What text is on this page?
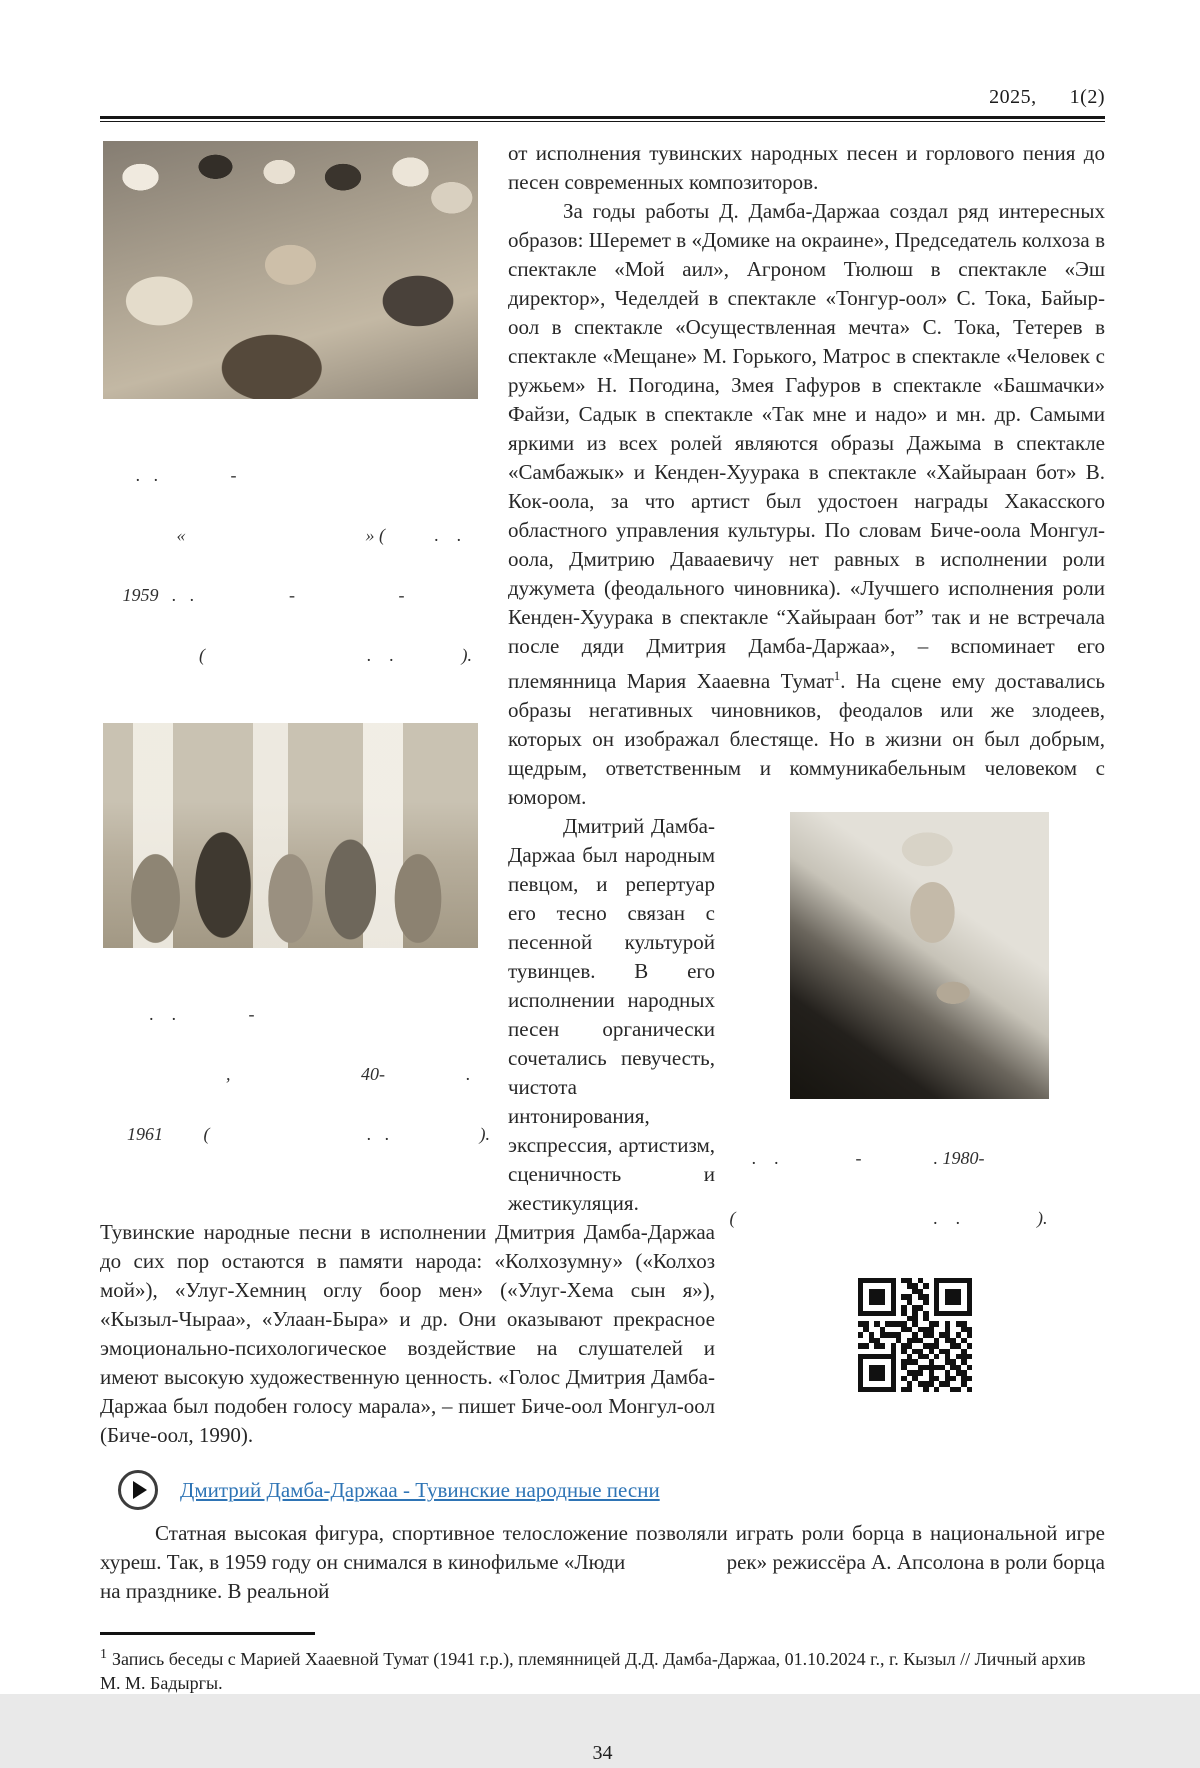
2025,      1(2)

.   .                -

«                                        » (           .    .

1959   .   .                     -                       -

(                                    .    .               ).

.    .                -

,                             40-                  .

1961         (                                   .   .                    ).

от исполнения тувинских народных песен и горлового пения до песен современных композиторов.

За годы работы Д. Дамба-Даржаа создал ряд интересных образов: Шеремет в «Домике на окраине», Председатель колхоза в спектакле «Мой аил», Агроном Тюлюш в спектакле «Эш директор», Чеделдей в спектакле «Тонгур-оол» С. Тока, Байыр-оол в спектакле «Осуществленная мечта» С. Тока, Тетерев в спектакле «Мещане» М. Горького, Матрос в спектакле «Человек с ружьем» Н. Погодина, Змея Гафуров в спектакле «Башмачки» Файзи, Садык в спектакле «Так мне и надо» и мн. др. Самыми яркими из всех ролей являются образы Дажыма в спектакле «Самбажык» и Кенден-Хуурака в спектакле «Хайыраан бот» В. Кок-оола, за что артист был удостоен награды Хакасского областного управления культуры. По словам Биче-оола Монгул-оола, Дмитрию Давааевичу нет равных в исполнении роли дужумета (феодального чиновника). «Лучшего исполнения роли Кенден-Хуурака в спектакле “Хайыраан бот” так и не встречала после дяди Дмитрия Дамба-Даржаа», – вспоминает его племянница Мария Хааевна Тумат$^1$. На сцене ему доставались образы негативных чиновников, феодалов или же злодеев, которых он изображал блестяще. Но в жизни он был добрым, щедрым, ответственным и коммуникабельным человеком с юмором.

.    .                 -                . 1980-

(                                            .    .                 ).

Дмитрий Дамба-Даржаа был народным певцом, и репертуар его тесно связан с песенной культурой тувинцев. В его исполнении народных песен органически сочетались певучесть, чистота интонирования, экспрессия, артистизм, сценичность и жестикуляция. Тувинские народные песни в исполнении Дмитрия Дамба-Даржаа до сих пор остаются в памяти народа: «Колхозумну» («Колхоз мой»), «Улуг-Хемниң оглу боор мен» («Улуг-Хема сын я»), «Кызыл-Чыраа», «Улаан-Быра» и др. Они оказывают прекрасное эмоционально-психологическое воздействие на слушателей и имеют высокую художественную ценность. «Голос Дмитрия Дамба-Даржаа был подобен голосу марала», – пишет Биче-оол Монгул-оол (Биче-оол, 1990).

Дмитрий Дамба-Даржаа - Тувинские народные песни

Статная высокая фигура, спортивное телосложение позволяли играть роли борца в национальной игре хуреш. Так, в 1959 году он снимался в кинофильме «Люди                   рек» режиссёра А. Апсолона в роли борца на празднике. В реальной

$^1$ Запись беседы с Марией Хааевной Тумат (1941 г.р.), племянницей Д.Д. Дамба-Даржаа, 01.10.2024 г., г. Кызыл // Личный архив М. М. Бадыргы.
34
